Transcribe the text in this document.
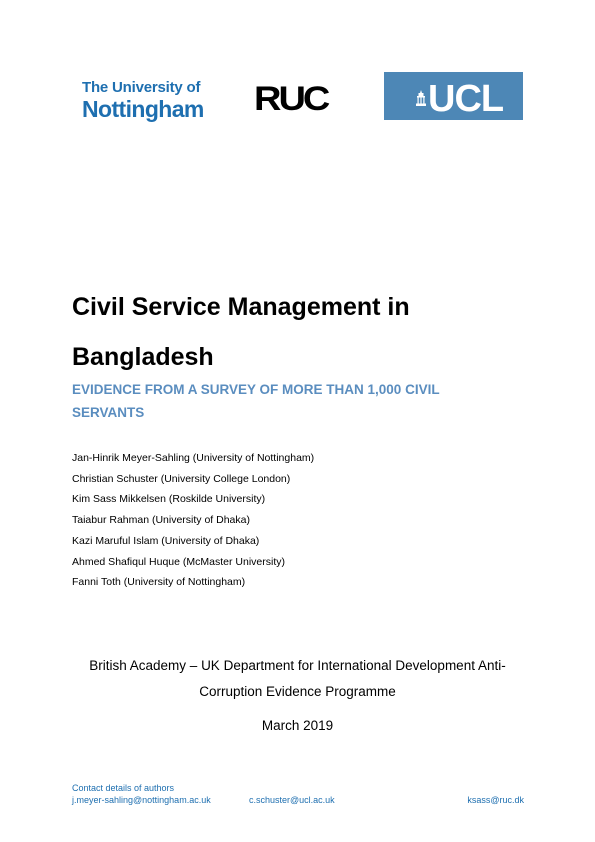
The University of
Nottingham RUC	UCL
Civil Service Management in Bangladesh
EVIDENCE FROM A SURVEY OF MORE THAN 1,000 CIVIL SERVANTS
Jan-Hinrik Meyer-Sahling (University of Nottingham)
Christian Schuster (University College London)
Kim Sass Mikkelsen (Roskilde University)
Taiabur Rahman (University of Dhaka)
Kazi Maruful Islam (University of Dhaka)
Ahmed Shafiqul Huque (McMaster University)
Fanni Toth (University of Nottingham)
British Academy – UK Department for International Development Anti-
Corruption Evidence Programme
March 2019
Contact details of authors
j.meyer-sahling@nottingham.ac.uk	c.schuster@ucl.ac.uk	ksass@ruc.dk
